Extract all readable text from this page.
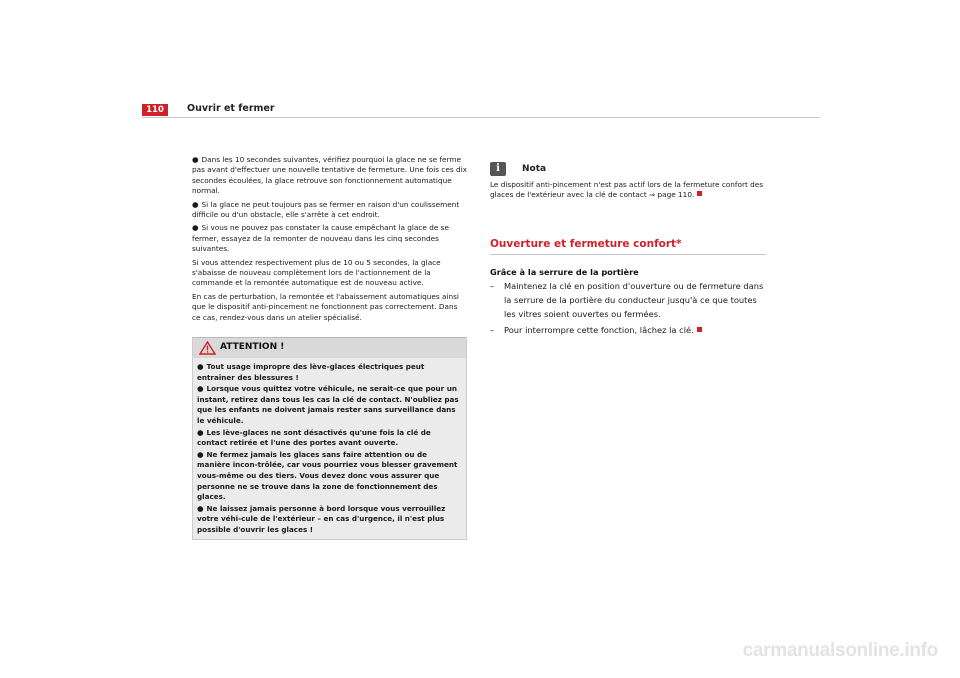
110	Ouvrir et fermer

● Dans les 10 secondes suivantes, vérifiez pourquoi la glace ne se ferme pas avant d'effectuer une nouvelle tentative de fermeture. Une fois ces dix secondes écoulées, la glace retrouve son fonctionnement automatique normal.

● Si la glace ne peut toujours pas se fermer en raison d'un coulissement difficile ou d'un obstacle, elle s'arrête à cet endroit.

● Si vous ne pouvez pas constater la cause empêchant la glace de se fermer, essayez de la remonter de nouveau dans les cinq secondes suivantes.

Si vous attendez respectivement plus de 10 ou 5 secondes, la glace s'abaisse de nouveau complètement lors de l'actionnement de la commande et la remontée automatique est de nouveau active.

En cas de perturbation, la remontée et l'abaissement automatiques ainsi que le dispositif anti-pincement ne fonctionnent pas correctement. Dans ce cas, rendez-vous dans un atelier spécialisé.

ATTENTION !

● Tout usage impropre des lève-glaces électriques peut entraîner des blessures !

● Lorsque vous quittez votre véhicule, ne serait-ce que pour un instant, retirez dans tous les cas la clé de contact. N'oubliez pas que les enfants ne doivent jamais rester sans surveillance dans le véhicule.

● Les lève-glaces ne sont désactivés qu'une fois la clé de contact retirée et l'une des portes avant ouverte.

● Ne fermez jamais les glaces sans faire attention ou de manière incon-trôlée, car vous pourriez vous blesser gravement vous-même ou des tiers. Vous devez donc vous assurer que personne ne se trouve dans la zone de fonctionnement des glaces.

● Ne laissez jamais personne à bord lorsque vous verrouillez votre véhi-cule de l'extérieur – en cas d'urgence, il n'est plus possible d'ouvrir les glaces !

i	Nota

Le dispositif anti-pincement n'est pas actif lors de la fermeture confort des glaces de l'extérieur avec la clé de contact ⇒ page 110.

Ouverture et fermeture confort*
Grâce à la serrure de la portière

– Maintenez la clé en position d'ouverture ou de fermeture dans la serrure de la portière du conducteur jusqu'à ce que toutes les vitres soient ouvertes ou fermées.

– Pour interrompre cette fonction, lâchez la clé.

carmanualsonline.info
